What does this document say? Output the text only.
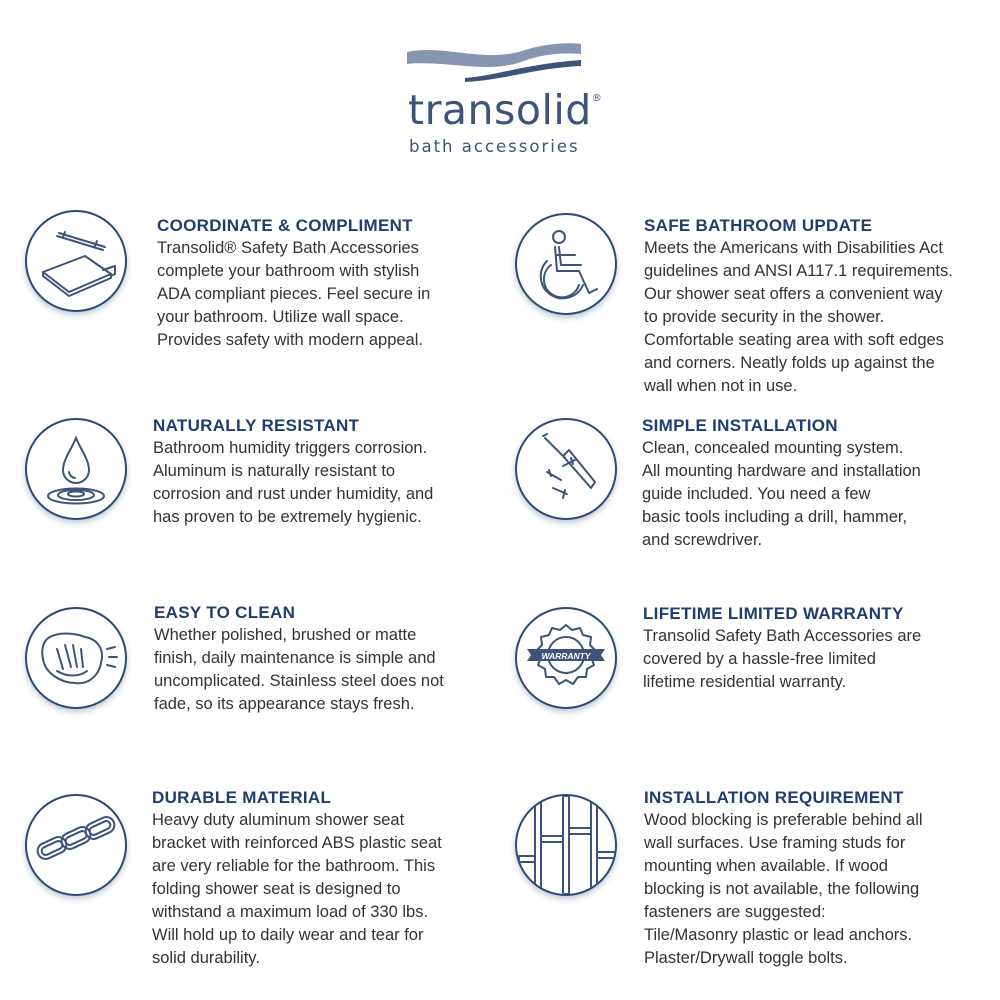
transolid®
bath accessories
COORDINATE & COMPLIMENT
Transolid® Safety Bath Accessories
complete your bathroom with stylish
ADA compliant pieces. Feel secure in
your bathroom. Utilize wall space.
Provides safety with modern appeal.
SAFE BATHROOM UPDATE
Meets the Americans with Disabilities Act
guidelines and ANSI A117.1 requirements.
Our shower seat offers a convenient way
to provide security in the shower.
Comfortable seating area with soft edges
and corners. Neatly folds up against the
wall when not in use.
NATURALLY RESISTANT
Bathroom humidity triggers corrosion.
Aluminum is naturally resistant to
corrosion and rust under humidity, and
has proven to be extremely hygienic.
SIMPLE INSTALLATION
Clean, concealed mounting system.
All mounting hardware and installation
guide included. You need a few
basic tools including a drill, hammer,
and screwdriver.
EASY TO CLEAN
Whether polished, brushed or matte
finish, daily maintenance is simple and
uncomplicated. Stainless steel does not
fade, so its appearance stays fresh.
WARRANTY
LIFETIME LIMITED WARRANTY
Transolid Safety Bath Accessories are
covered by a hassle-free limited
lifetime residential warranty.
DURABLE MATERIAL
Heavy duty aluminum shower seat
bracket with reinforced ABS plastic seat
are very reliable for the bathroom. This
folding shower seat is designed to
withstand a maximum load of 330 lbs.
Will hold up to daily wear and tear for
solid durability.
INSTALLATION REQUIREMENT
Wood blocking is preferable behind all
wall surfaces. Use framing studs for
mounting when available. If wood
blocking is not available, the following
fasteners are suggested:
Tile/Masonry plastic or lead anchors.
Plaster/Drywall toggle bolts.
